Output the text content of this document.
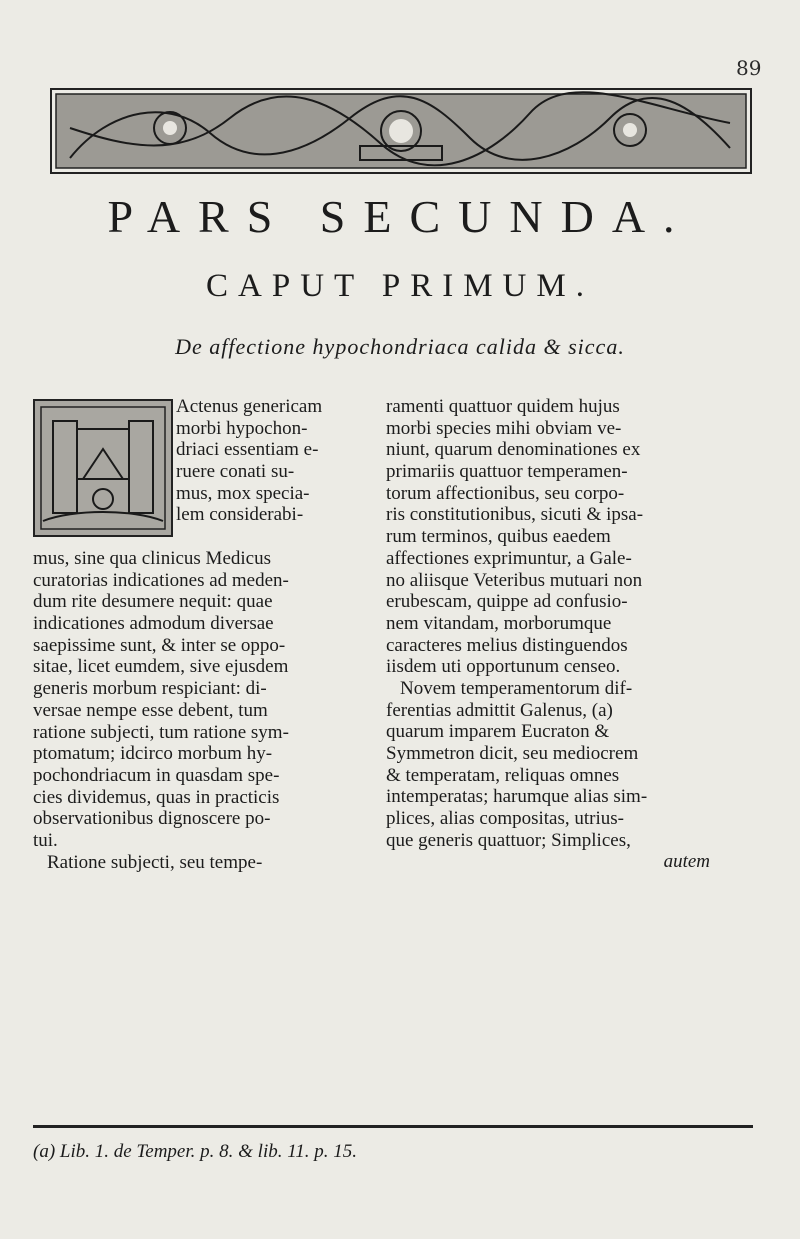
89
PARS SECUNDA.
CAPUT PRIMUM.
De affectione hypochondriaca calida & sicca.
Actenus genericam
morbi hypochon-
driaci essentiam e-
ruere conati su-
mus, mox specia-
lem considerabi-
mus, sine qua clinicus Medicus
curatorias indicationes ad meden-
dum rite desumere nequit: quae
indicationes admodum diversae
saepissime sunt, & inter se oppo-
sitae, licet eumdem, sive ejusdem
generis morbum respiciant: di-
versae nempe esse debent, tum
ratione subjecti, tum ratione sym-
ptomatum; idcirco morbum hy-
pochondriacum in quasdam spe-
cies dividemus, quas in practicis
observationibus dignoscere po-
tui.
Ratione subjecti, seu tempe-
ramenti quattuor quidem hujus
morbi species mihi obviam ve-
niunt, quarum denominationes ex
primariis quattuor temperamen-
torum affectionibus, seu corpo-
ris constitutionibus, sicuti & ipsa-
rum terminos, quibus eaedem
affectiones exprimuntur, a Gale-
no aliisque Veteribus mutuari non
erubescam, quippe ad confusio-
nem vitandam, morborumque
caracteres melius distinguendos
iisdem uti opportunum censeo.
Novem temperamentorum dif-
ferentias admittit Galenus, (a)
quarum imparem Eucraton &
Symmetron dicit, seu mediocrem
& temperatam, reliquas omnes
intemperatas; harumque alias sim-
plices, alias compositas, utrius-
que generis quattuor; Simplices,
autem
(a) Lib. 1. de Temper. p. 8. & lib. 11. p. 15.
